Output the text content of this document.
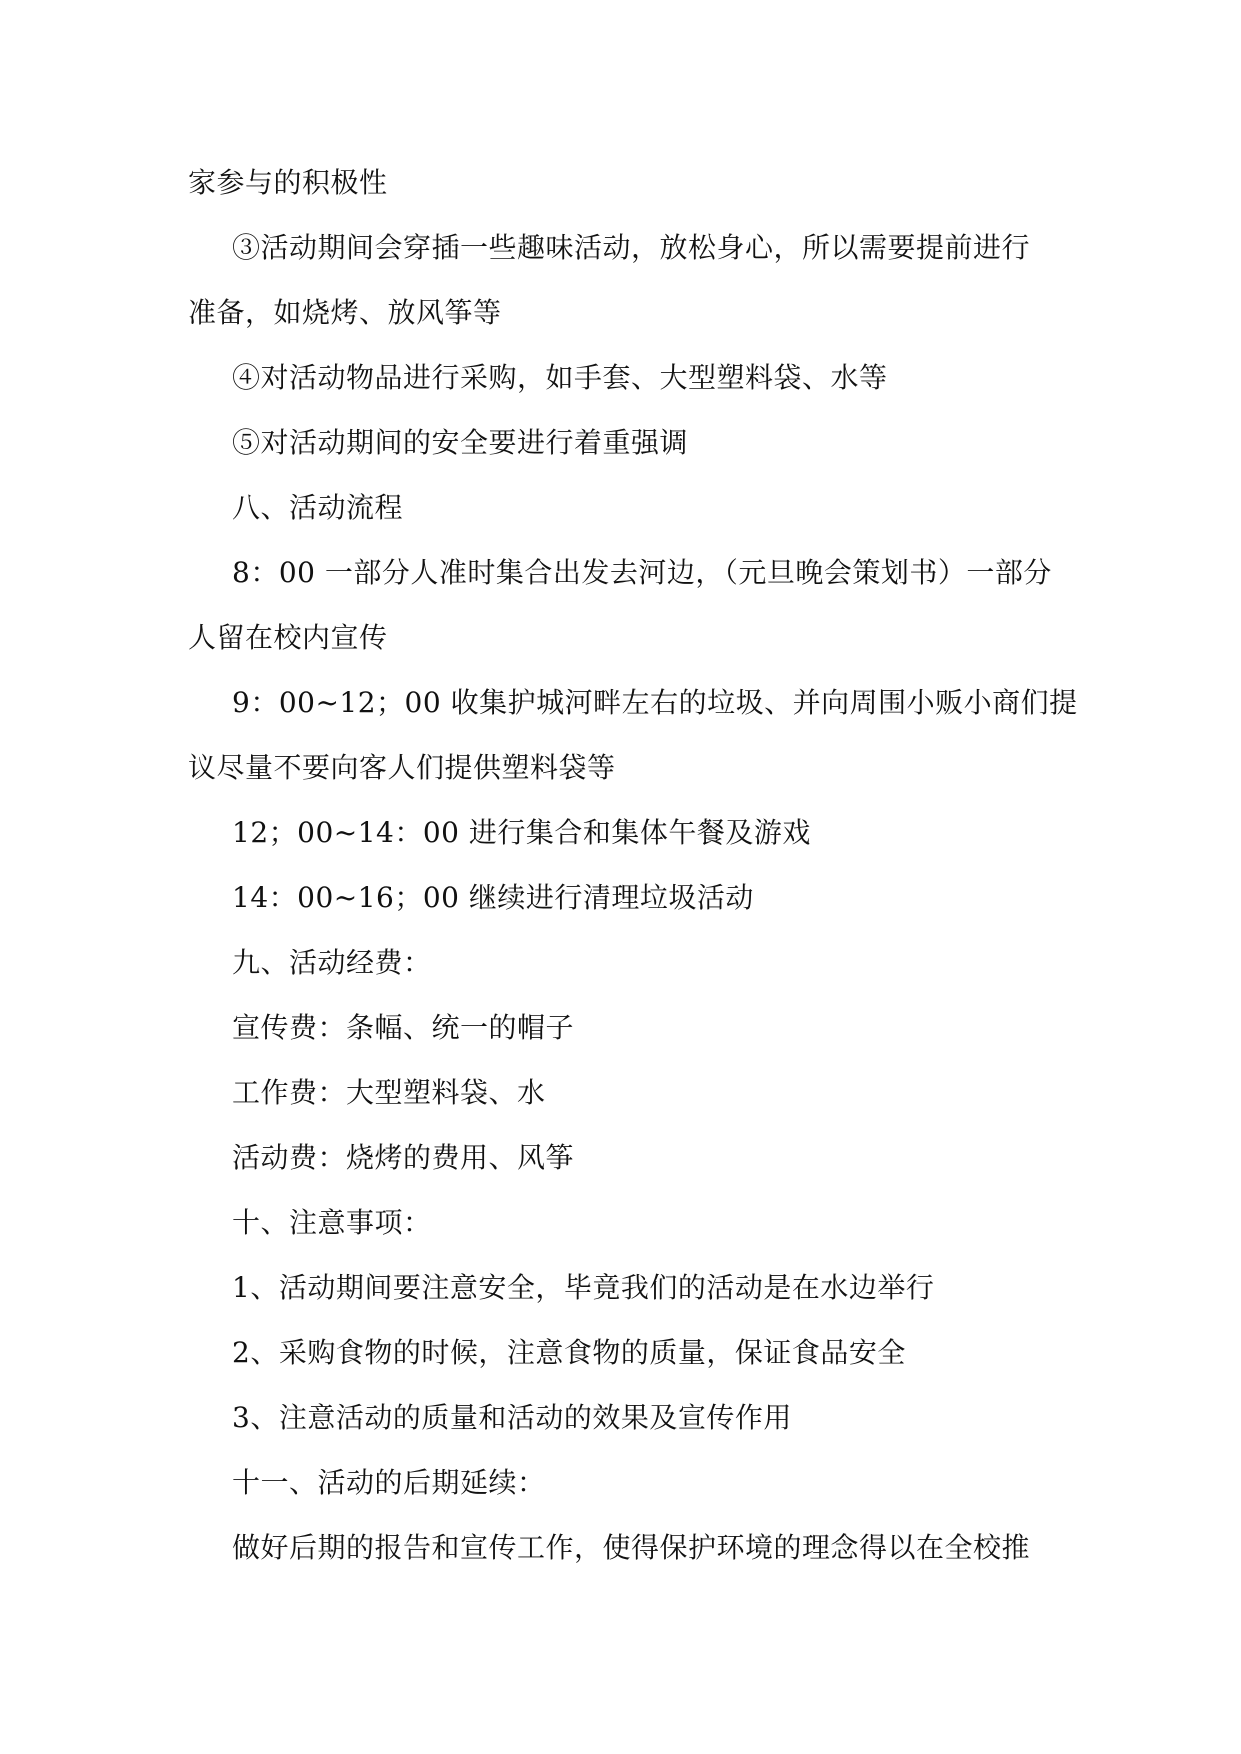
家参与的积极性

③活动期间会穿插一些趣味活动，放松身心，所以需要提前进行

准备，如烧烤、放风筝等

④对活动物品进行采购，如手套、大型塑料袋、水等

⑤对活动期间的安全要进行着重强调

八、活动流程

8：00 一部分人准时集合出发去河边，（元旦晚会策划书）一部分

人留在校内宣传

9：00~12；00 收集护城河畔左右的垃圾、并向周围小贩小商们提

议尽量不要向客人们提供塑料袋等

12；00~14：00 进行集合和集体午餐及游戏

14：00~16；00 继续进行清理垃圾活动

九、活动经费：

宣传费：条幅、统一的帽子

工作费：大型塑料袋、水

活动费：烧烤的费用、风筝

十、注意事项：

1、活动期间要注意安全，毕竟我们的活动是在水边举行

2、采购食物的时候，注意食物的质量，保证食品安全

3、注意活动的质量和活动的效果及宣传作用

十一、活动的后期延续：

做好后期的报告和宣传工作，使得保护环境的理念得以在全校推
